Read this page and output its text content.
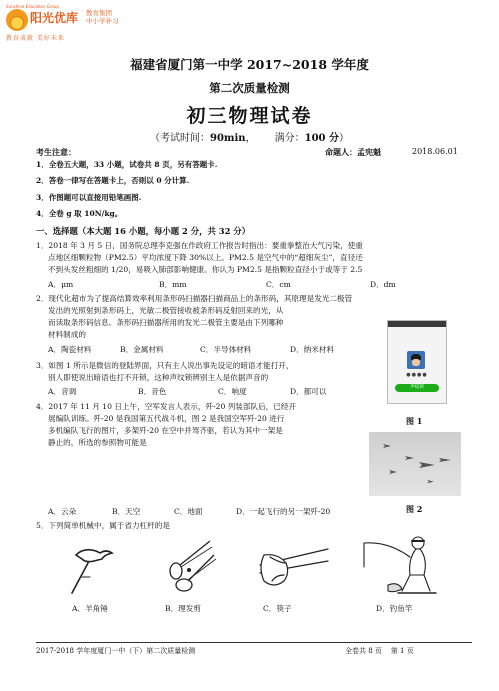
Sunshine Education Group
阳光优库 教育集团
中小学补习
教育成就 美好未来
福建省厦门第一中学 2017~2018 学年度
第二次质量检测
初三物理试卷
（考试时间：90min， 满分：100 分）
考生注意：	命题人：孟宪魁	2018.06.01
1．全卷五大题，33 小题，试卷共 8 页，另有答题卡.
2．答卷一律写在答题卡上，否则以 0 分计算.
3．作图题可以直接用铅笔画图.
4．全卷 g 取 10N/kg。
一、选择题（本大题 16 小题，每小题 2 分，共 32 分）
1．2018 年 3 月 5 日，国务院总理李克强在作政府工作报告时指出：要重拳整治大气污染，使重
点地区细颗粒物（PM2.5）平均浓度下降 30%以上。PM2.5 是空气中的“超细灰尘”，直径还
不到头发丝粗细的 1/20，易吸入肺部影响健康。你认为 PM2.5 是指颗粒直径小于或等于 2.5
A．μm	B．mm	C．cm	D．dm
2．现代化超市为了提高结算效率利用条形码扫描器扫描商品上的条形码，其原理是发光二极管
发出的光照射到条形码上，光敏二极管接收被条形码反射回来的光，从
而读取条形码信息。条形码扫描器所用的发光二极管主要是由下列哪种
材料制成的
A．陶瓷材料	B．金属材料	C．半导体材料	D．纳米材料
●●●●
声纹锁
图 1
3．如图 1 所示是微信的登陆界面，只有主人说出事先设定的暗语才能打开，
别人即使说出暗语也打不开锁，这种声纹锁辨别主人是依据声音的
A．音调	B．音色	C．响度	D．都可以
4．2017 年 11 月 10 日上午，空军发言人表示，歼-20 列装部队后，已经开
展编队训练。歼-20 是我国第五代战斗机，图 2 是我国空军歼-20 进行
多机编队飞行的图片，多架歼-20 在空中并驾齐驱，若认为其中一架是
静止的，所选的参照物可能是
A．云朵	B．天空	C．地面	D．一起飞行的另一架歼-20	图 2
5．下列简单机械中，属于省力杠杆的是
A．羊角锤	B．理发剪	C．筷子	D．钓鱼竿
2017-2018 学年度厦门一中（下）第二次质量检测	全卷共 8 页    第 1 页
